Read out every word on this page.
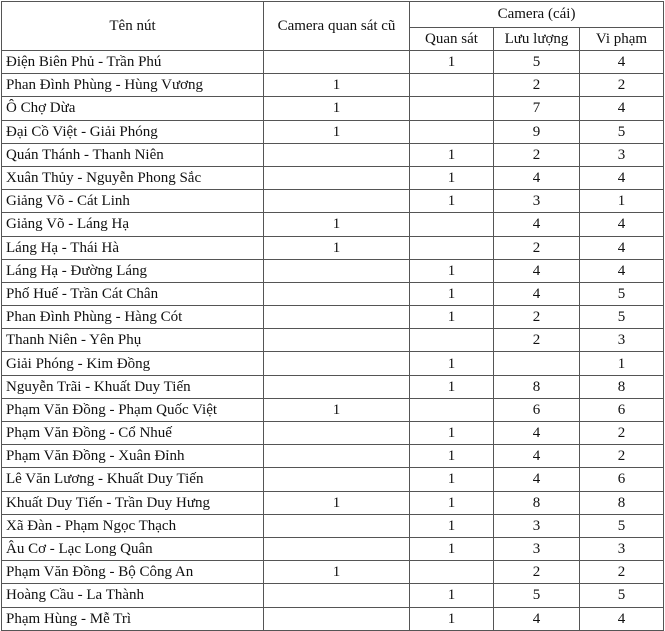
Tên nút	Camera quan sát cũ	Camera (cái)		
		Quan sát	Lưu lượng	Vi phạm
Điện Biên Phủ - Trần Phú		1	5	4
Phan Đình Phùng - Hùng Vương	1		2	2
Ô Chợ Dừa	1		7	4
Đại Cồ Việt - Giải Phóng	1		9	5
Quán Thánh - Thanh Niên		1	2	3
Xuân Thủy - Nguyễn Phong Sắc		1	4	4
Giảng Võ - Cát Linh		1	3	1
Giảng Võ - Láng Hạ	1		4	4
Láng Hạ - Thái Hà	1		2	4
Láng Hạ - Đường Láng		1	4	4
Phố Huế - Trần Cát Chân		1	4	5
Phan Đình Phùng - Hàng Cót		1	2	5
Thanh Niên - Yên Phụ			2	3
Giải Phóng - Kim Đồng		1		1
Nguyễn Trãi - Khuất Duy Tiến		1	8	8
Phạm Văn Đồng - Phạm Quốc Việt	1		6	6
Phạm Văn Đồng - Cổ Nhuế		1	4	2
Phạm Văn Đồng - Xuân Đỉnh		1	4	2
Lê Văn Lương - Khuất Duy Tiến		1	4	6
Khuất Duy Tiến - Trần Duy Hưng	1	1	8	8
Xã Đàn - Phạm Ngọc Thạch		1	3	5
Âu Cơ - Lạc Long Quân		1	3	3
Phạm Văn Đồng - Bộ Công An	1		2	2
Hoàng Cầu - La Thành		1	5	5
Phạm Hùng - Mễ Trì		1	4	4
